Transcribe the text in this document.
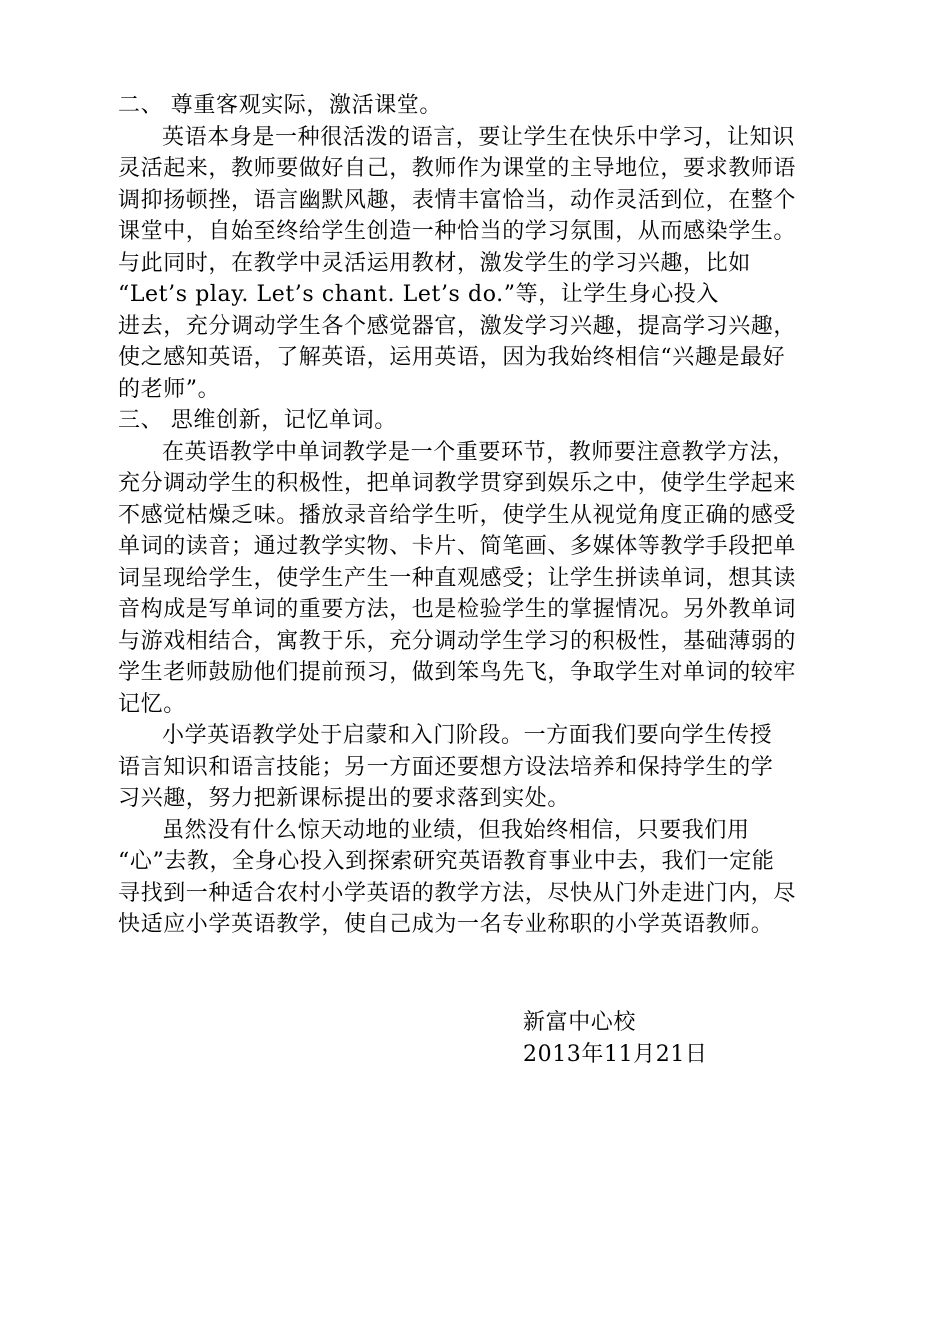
二、 尊重客观实际，激活课堂。
英语本身是一种很活泼的语言，要让学生在快乐中学习，让知识
灵活起来，教师要做好自己，教师作为课堂的主导地位，要求教师语
调抑扬顿挫，语言幽默风趣，表情丰富恰当，动作灵活到位，在整个
课堂中，自始至终给学生创造一种恰当的学习氛围，从而感染学生。
与此同时，在教学中灵活运用教材，激发学生的学习兴趣，比如
“Let’s play. Let’s chant. Let’s do.”等，让学生身心投入
进去，充分调动学生各个感觉器官，激发学习兴趣，提高学习兴趣，
使之感知英语，了解英语，运用英语，因为我始终相信“兴趣是最好
的老师”。
三、 思维创新，记忆单词。
在英语教学中单词教学是一个重要环节，教师要注意教学方法，
充分调动学生的积极性，把单词教学贯穿到娱乐之中，使学生学起来
不感觉枯燥乏味。播放录音给学生听，使学生从视觉角度正确的感受
单词的读音；通过教学实物、卡片、简笔画、多媒体等教学手段把单
词呈现给学生，使学生产生一种直观感受；让学生拼读单词，想其读
音构成是写单词的重要方法，也是检验学生的掌握情况。另外教单词
与游戏相结合，寓教于乐，充分调动学生学习的积极性，基础薄弱的
学生老师鼓励他们提前预习，做到笨鸟先飞，争取学生对单词的较牢
记忆。
小学英语教学处于启蒙和入门阶段。一方面我们要向学生传授
语言知识和语言技能；另一方面还要想方设法培养和保持学生的学
习兴趣，努力把新课标提出的要求落到实处。
虽然没有什么惊天动地的业绩，但我始终相信，只要我们用
“心”去教，全身心投入到探索研究英语教育事业中去，我们一定能
寻找到一种适合农村小学英语的教学方法，尽快从门外走进门内，尽
快适应小学英语教学，使自己成为一名专业称职的小学英语教师。
新富中心校
2013年11月21日
